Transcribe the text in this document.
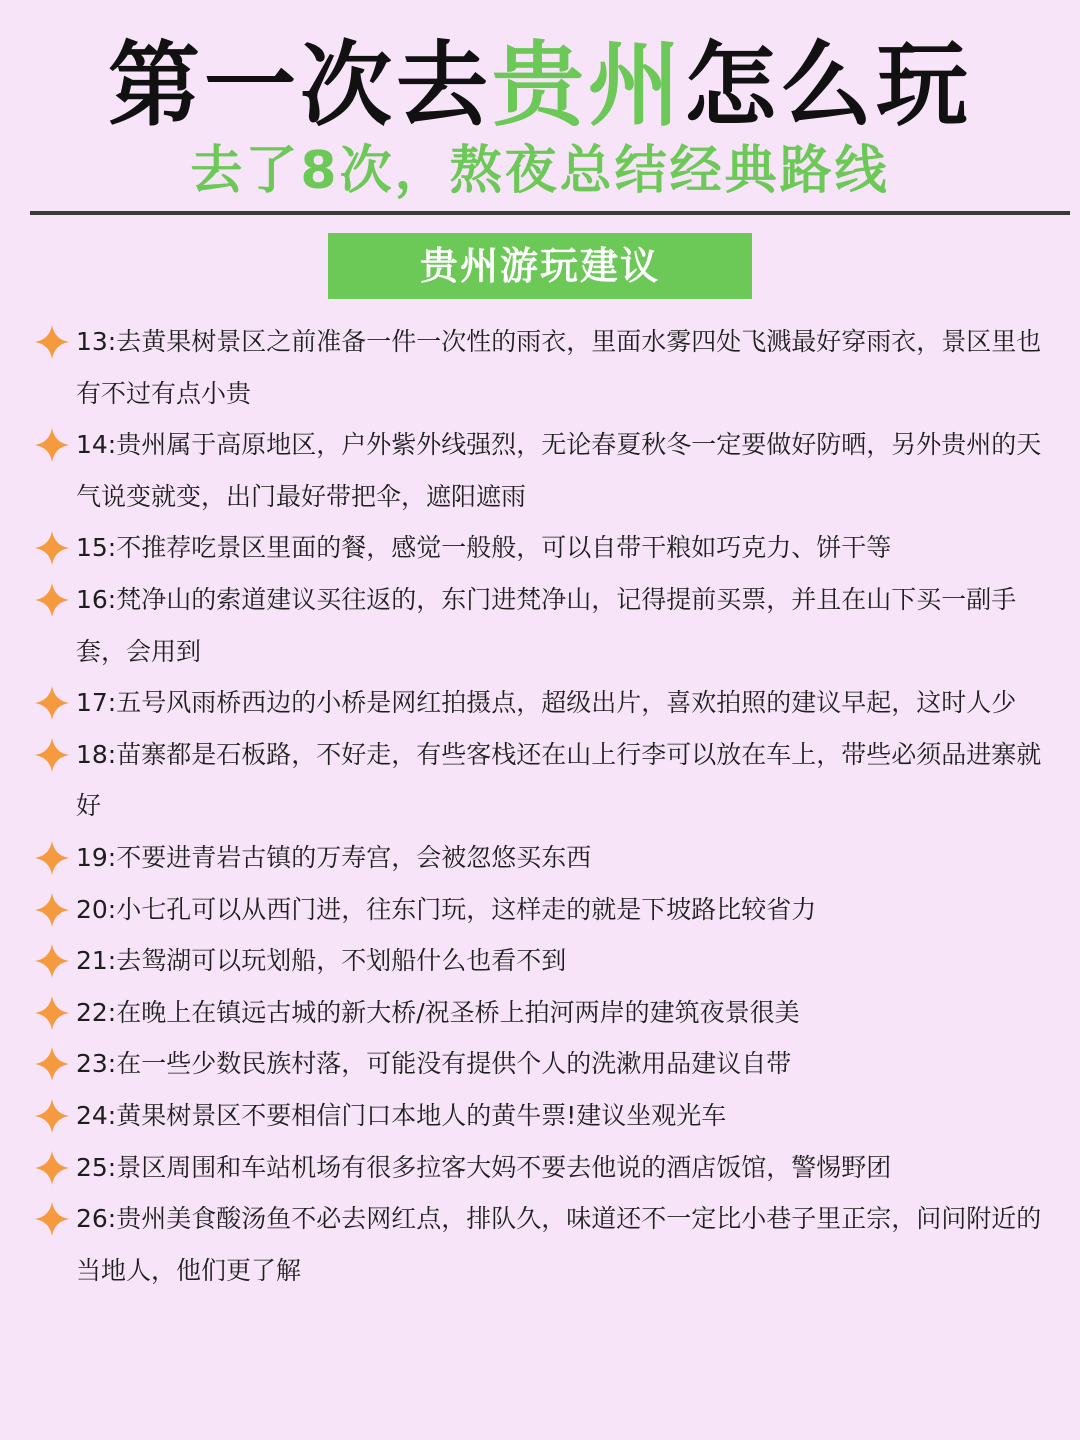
第一次去贵州怎么玩
去了8次，熬夜总结经典路线
贵州游玩建议
13:去黄果树景区之前准备一件一次性的雨衣，里面水雾四处飞溅最好穿雨衣，景区里也有不过有点小贵
14:贵州属于高原地区，户外紫外线强烈，无论春夏秋冬一定要做好防晒，另外贵州的天气说变就变，出门最好带把伞，遮阳遮雨
15:不推荐吃景区里面的餐，感觉一般般，可以自带干粮如巧克力、饼干等
16:梵净山的索道建议买往返的，东门进梵净山，记得提前买票，并且在山下买一副手套，会用到
17:五号风雨桥西边的小桥是网红拍摄点，超级出片，喜欢拍照的建议早起，这时人少
18:苗寨都是石板路，不好走，有些客栈还在山上行李可以放在车上，带些必须品进寨就好
19:不要进青岩古镇的万寿宫，会被忽悠买东西
20:小七孔可以从西门进，往东门玩，这样走的就是下坡路比较省力
21:去鸳湖可以玩划船，不划船什么也看不到
22:在晚上在镇远古城的新大桥/祝圣桥上拍河两岸的建筑夜景很美
23:在一些少数民族村落，可能没有提供个人的洗漱用品建议自带
24:黄果树景区不要相信门口本地人的黄牛票!建议坐观光车
25:景区周围和车站机场有很多拉客大妈不要去他说的酒店饭馆，警惕野团
26:贵州美食酸汤鱼不必去网红点，排队久，味道还不一定比小巷子里正宗，问问附近的当地人，他们更了解
